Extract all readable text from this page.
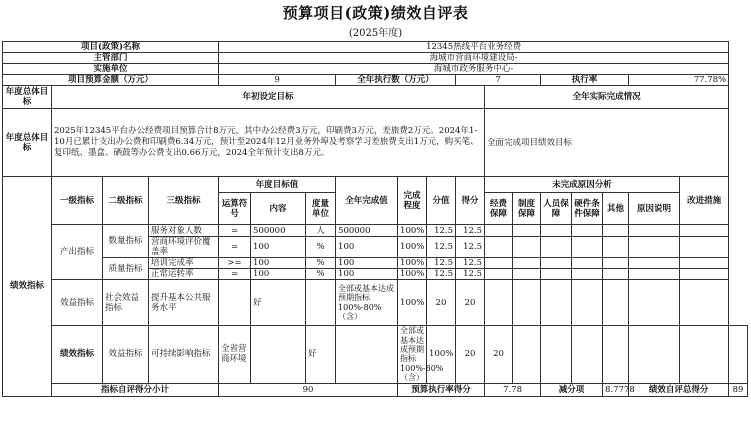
预算项目(政策)绩效自评表
(2025年度)
项目(政策)名称				12345热线平台业务经费														
主管部门				海城市营商环境建设局-														
实施单位				海城市政务服务中心-														
项目预算金额（万元）				9			全年执行数（万元）			7			执行率			77.78%		
年度总体目标	年初设定目标										全年实际完成情况							
年度总体目标	2025年12345平台办公经费项目预算合计8万元，其中办公经费3万元，印刷费3万元，差旅费2万元。2024年1-10月已累计支出办公费和印刷费6.34万元，预计至2024年12月业务外埠及考察学习差旅费支出1万元，购买笔、复印纸、墨盒、硒鼓等办公费支出0.66万元，2024全年预计支出8万元。										全面完成项目绩效目标							
绩效指标	一级指标	二级指标	三级指标	年度目标值			全年完成值	完成程度	分值	得分	未完成原因分析						改进措施	
				运算符号	内容	度量单位					经费保障	制度保障	人员保障	硬件条件保障	其他	原因说明		
	产出指标	数量指标	服务对象人数	=	500000	人	500000	100%	12.5	12.5								
			营商环境评价覆盖率	=	100	%	100	100%	12.5	12.5								
		质量指标	培训完成率	>=	100	%	100	100%	12.5	12.5								
			正常运转率	=	100	%	100	100%	12.5	12.5								
	效益指标	社会效益指标	提升基本公共服务水平		好		全部或基本达成预期指标100%-80%（含）	100%	20	20								
	绩效指标	效益指标	可持续影响指标	全省营商环境		好		全部或基本达成预期指标100%-80%（含）	100%	20	20							
	指标自评得分小计			90				预算执行率得分			7.78		减分项		8.7778	绩效自评总得分		89
